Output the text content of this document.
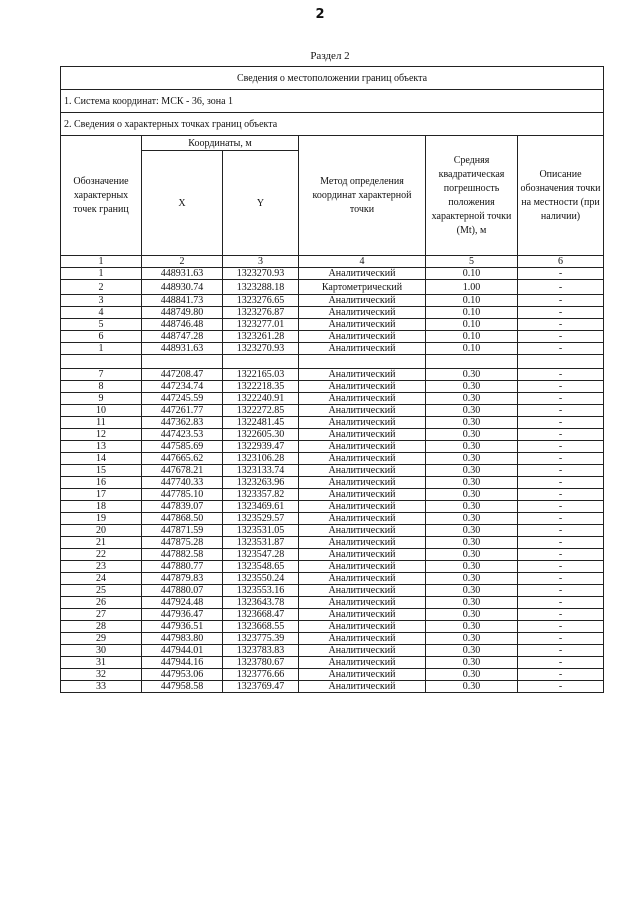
2
Раздел 2
Сведения о местоположении границ объекта					
1. Система координат: МСК - 36, зона 1					
2. Сведения о характерных точках границ объекта					
Обозначение характерных точек границ	Координаты, м		Метод определения координат характерной точки	Средняя квадратическая погрешность положения характерной точки (Mt), м	Описание обозначения точки на местности (при наличии)
	X	Y			
1	2	3	4	5	6
1	448931.63	1323270.93	Аналитический	0.10	-
2	448930.74	1323288.18	Картометрический	1.00	-
3	448841.73	1323276.65	Аналитический	0.10	-
4	448749.80	1323276.87	Аналитический	0.10	-
5	448746.48	1323277.01	Аналитический	0.10	-
6	448747.28	1323261.28	Аналитический	0.10	-
1	448931.63	1323270.93	Аналитический	0.10	-

7	447208.47	1322165.03	Аналитический	0.30	-
8	447234.74	1322218.35	Аналитический	0.30	-
9	447245.59	1322240.91	Аналитический	0.30	-
10	447261.77	1322272.85	Аналитический	0.30	-
11	447362.83	1322481.45	Аналитический	0.30	-
12	447423.53	1322605.30	Аналитический	0.30	-
13	447585.69	1322939.47	Аналитический	0.30	-
14	447665.62	1323106.28	Аналитический	0.30	-
15	447678.21	1323133.74	Аналитический	0.30	-
16	447740.33	1323263.96	Аналитический	0.30	-
17	447785.10	1323357.82	Аналитический	0.30	-
18	447839.07	1323469.61	Аналитический	0.30	-
19	447868.50	1323529.57	Аналитический	0.30	-
20	447871.59	1323531.05	Аналитический	0.30	-
21	447875.28	1323531.87	Аналитический	0.30	-
22	447882.58	1323547.28	Аналитический	0.30	-
23	447880.77	1323548.65	Аналитический	0.30	-
24	447879.83	1323550.24	Аналитический	0.30	-
25	447880.07	1323553.16	Аналитический	0.30	-
26	447924.48	1323643.78	Аналитический	0.30	-
27	447936.47	1323668.47	Аналитический	0.30	-
28	447936.51	1323668.55	Аналитический	0.30	-
29	447983.80	1323775.39	Аналитический	0.30	-
30	447944.01	1323783.83	Аналитический	0.30	-
31	447944.16	1323780.67	Аналитический	0.30	-
32	447953.06	1323776.66	Аналитический	0.30	-
33	447958.58	1323769.47	Аналитический	0.30	-
